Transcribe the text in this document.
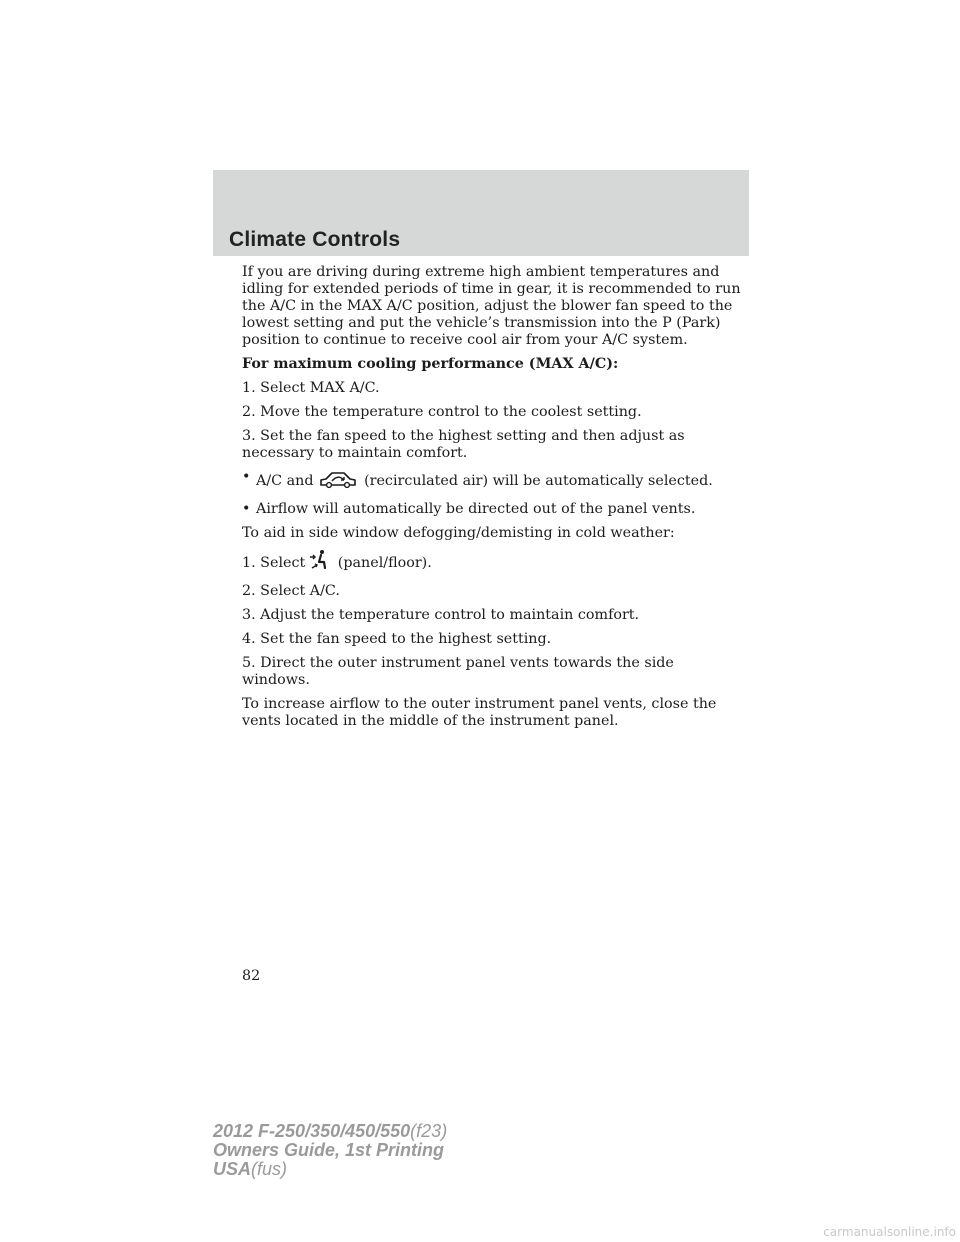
Climate Controls

If you are driving during extreme high ambient temperatures and idling for extended periods of time in gear, it is recommended to run the A/C in the MAX A/C position, adjust the blower fan speed to the lowest setting and put the vehicle’s transmission into the P (Park) position to continue to receive cool air from your A/C system.

For maximum cooling performance (MAX A/C):

1. Select MAX A/C.

2. Move the temperature control to the coolest setting.

3. Set the fan speed to the highest setting and then adjust as necessary to maintain comfort.

• A/C and	(recirculated air) will be automatically selected.

• Airflow will automatically be directed out of the panel vents.

To aid in side window defogging/demisting in cold weather:

1. Select (panel/floor).

2. Select A/C.

3. Adjust the temperature control to maintain comfort.

4. Set the fan speed to the highest setting.

5. Direct the outer instrument panel vents towards the side windows.

To increase airflow to the outer instrument panel vents, close the vents located in the middle of the instrument panel.

82
2012 F-250/350/450/550(f23)
Owners Guide, 1st Printing
USA(fus)
carmanualsonline.info
